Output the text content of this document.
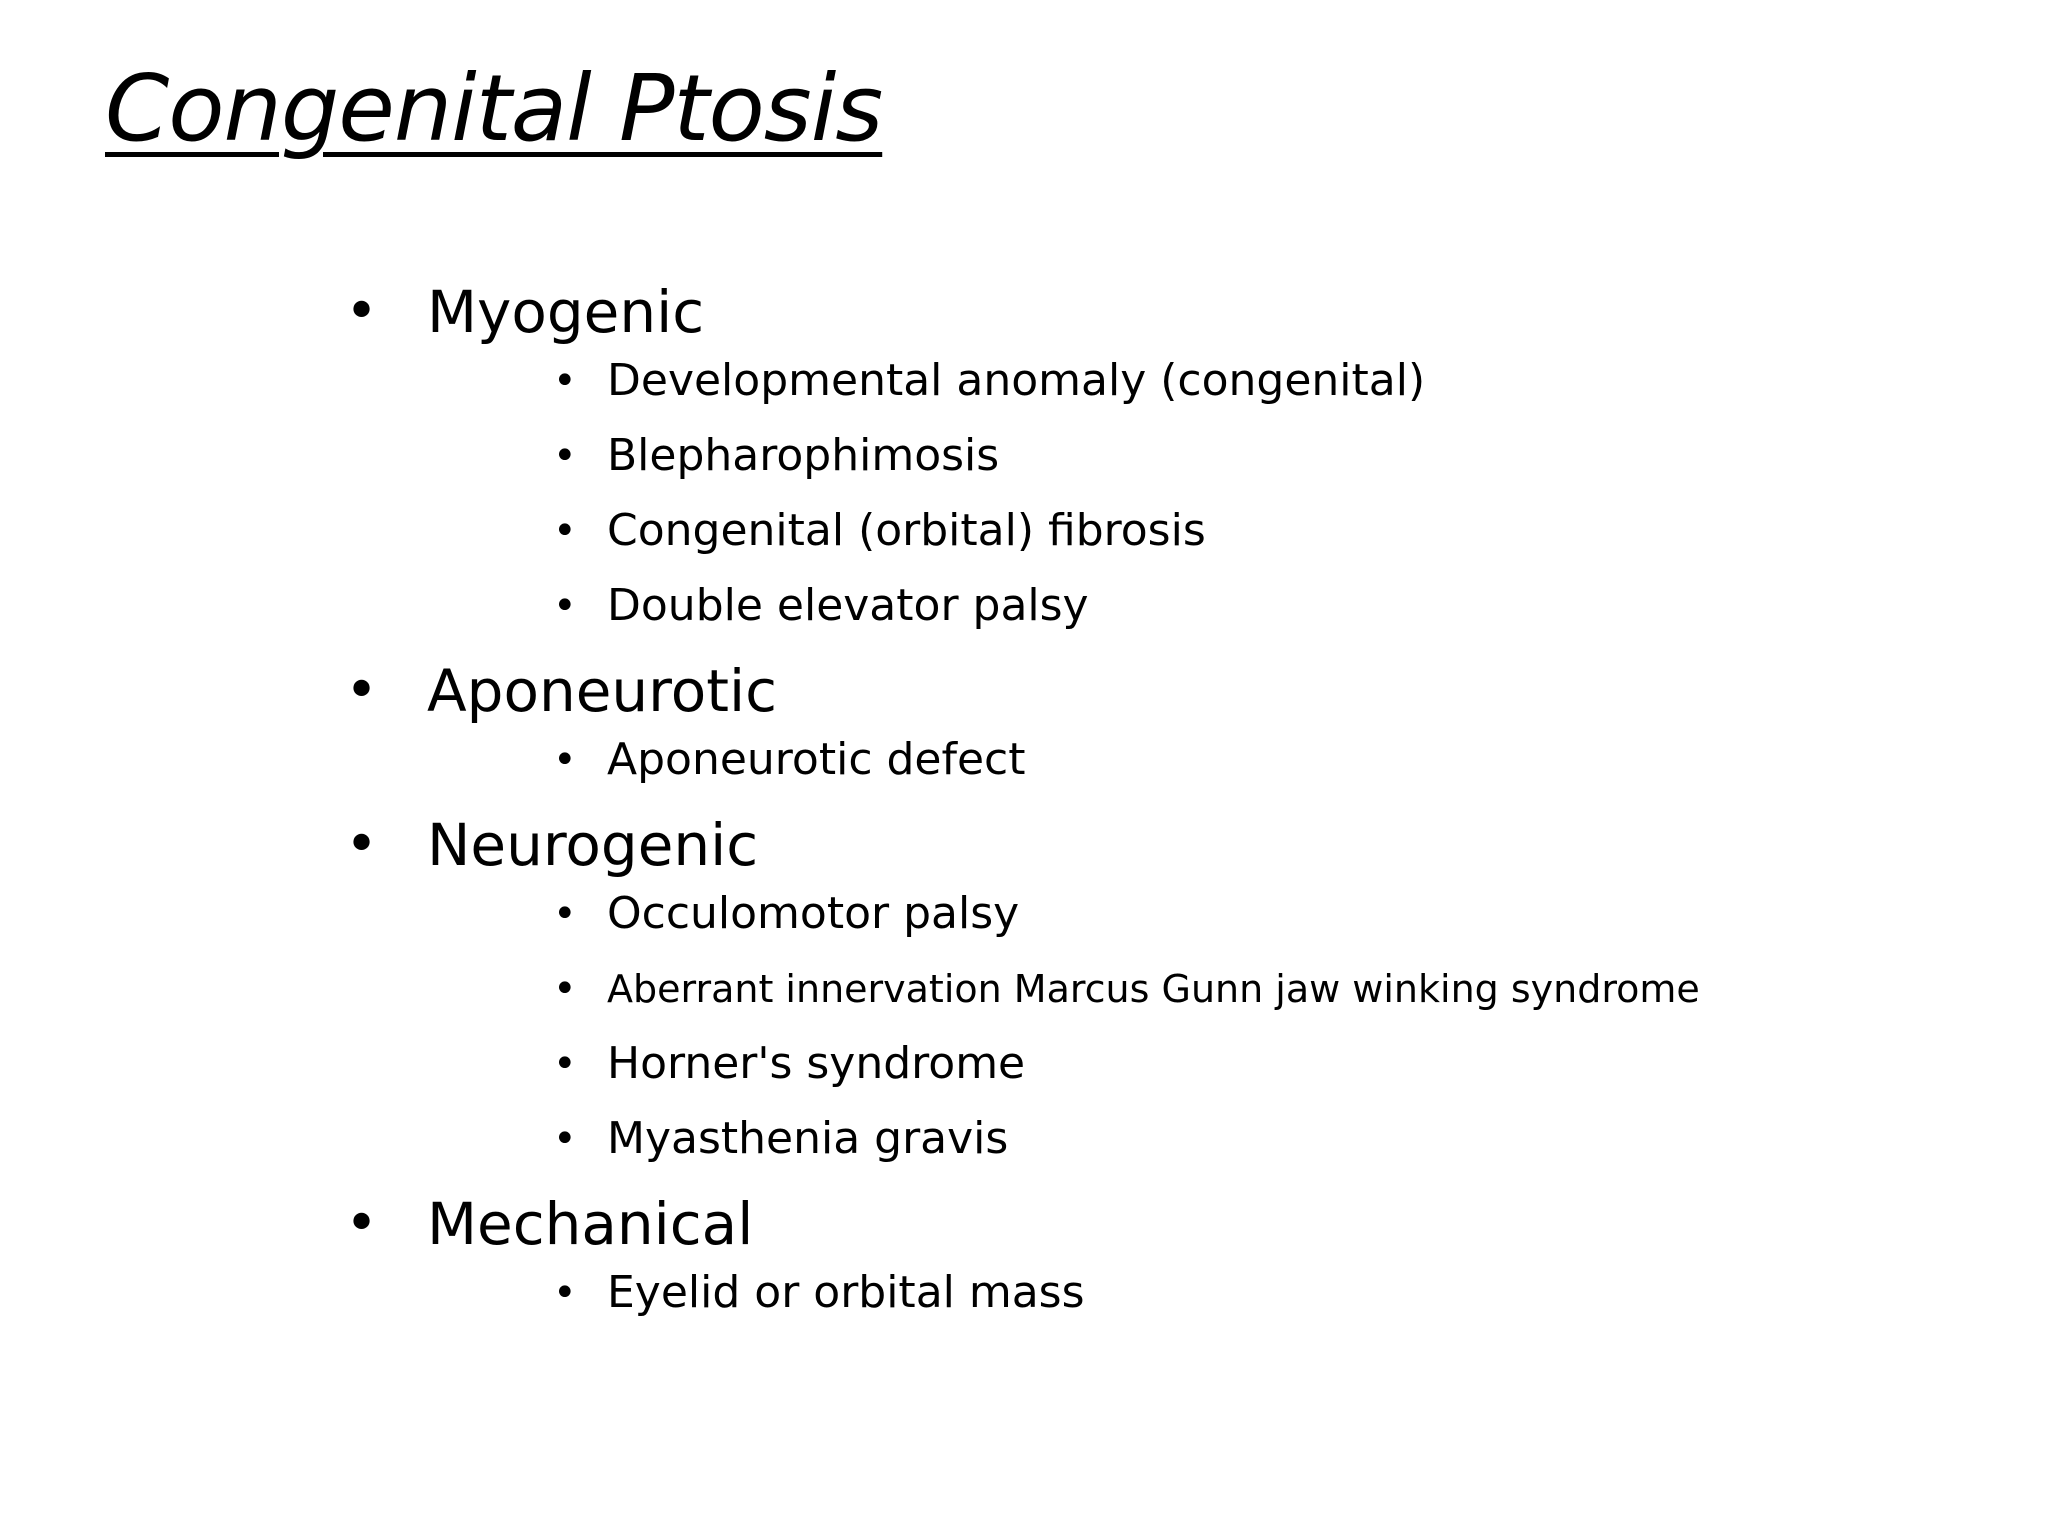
Congenital Ptosis
• Myogenic
• Developmental anomaly (congenital)
• Blepharophimosis
• Congenital (orbital) fibrosis
• Double elevator palsy
• Aponeurotic
• Aponeurotic defect
• Neurogenic
• Occulomotor palsy
• Aberrant innervation Marcus Gunn jaw winking syndrome
• Horner's syndrome
• Myasthenia gravis
• Mechanical
• Eyelid or orbital mass
